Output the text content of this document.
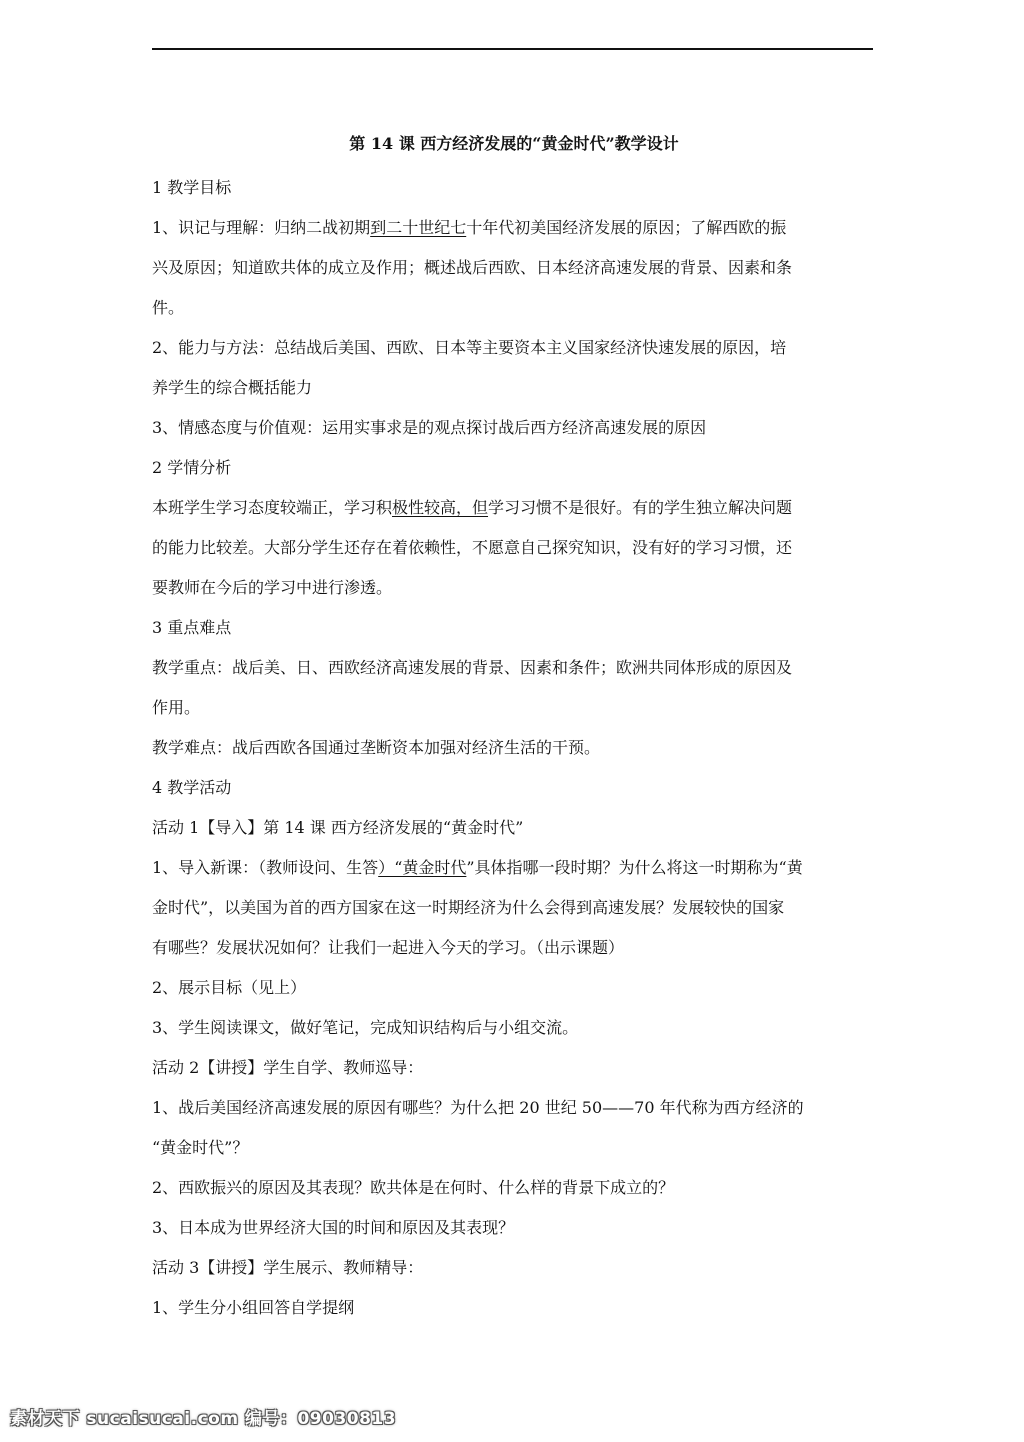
第 14 课 西方经济发展的“黄金时代”教学设计

1 教学目标

1、识记与理解：归纳二战初期到二十世纪七十年代初美国经济发展的原因；了解西欧的振

兴及原因；知道欧共体的成立及作用；概述战后西欧、日本经济高速发展的背景、因素和条

件。

2、能力与方法：总结战后美国、西欧、日本等主要资本主义国家经济快速发展的原因，培

养学生的综合概括能力

3、情感态度与价值观：运用实事求是的观点探讨战后西方经济高速发展的原因

2 学情分析

本班学生学习态度较端正，学习积极性较高，但学习习惯不是很好。有的学生独立解决问题

的能力比较差。大部分学生还存在着依赖性，不愿意自己探究知识，没有好的学习习惯，还

要教师在今后的学习中进行渗透。

3 重点难点

教学重点：战后美、日、西欧经济高速发展的背景、因素和条件；欧洲共同体形成的原因及

作用。

教学难点：战后西欧各国通过垄断资本加强对经济生活的干预。

4 教学活动

活动 1【导入】第 14 课 西方经济发展的“黄金时代”

1、导入新课：（教师设问、生答）“黄金时代”具体指哪一段时期？为什么将这一时期称为“黄

金时代”，以美国为首的西方国家在这一时期经济为什么会得到高速发展？发展较快的国家

有哪些？发展状况如何？让我们一起进入今天的学习。（出示课题）

2、展示目标（见上）

3、学生阅读课文，做好笔记，完成知识结构后与小组交流。

活动 2【讲授】学生自学、教师巡导：

1、战后美国经济高速发展的原因有哪些？为什么把 20 世纪 50——70 年代称为西方经济的

“黄金时代”？

2、西欧振兴的原因及其表现？欧共体是在何时、什么样的背景下成立的？

3、日本成为世界经济大国的时间和原因及其表现？

活动 3【讲授】学生展示、教师精导：

1、学生分小组回答自学提纲

素材天下 sucaisucai.com 编号：09030813
